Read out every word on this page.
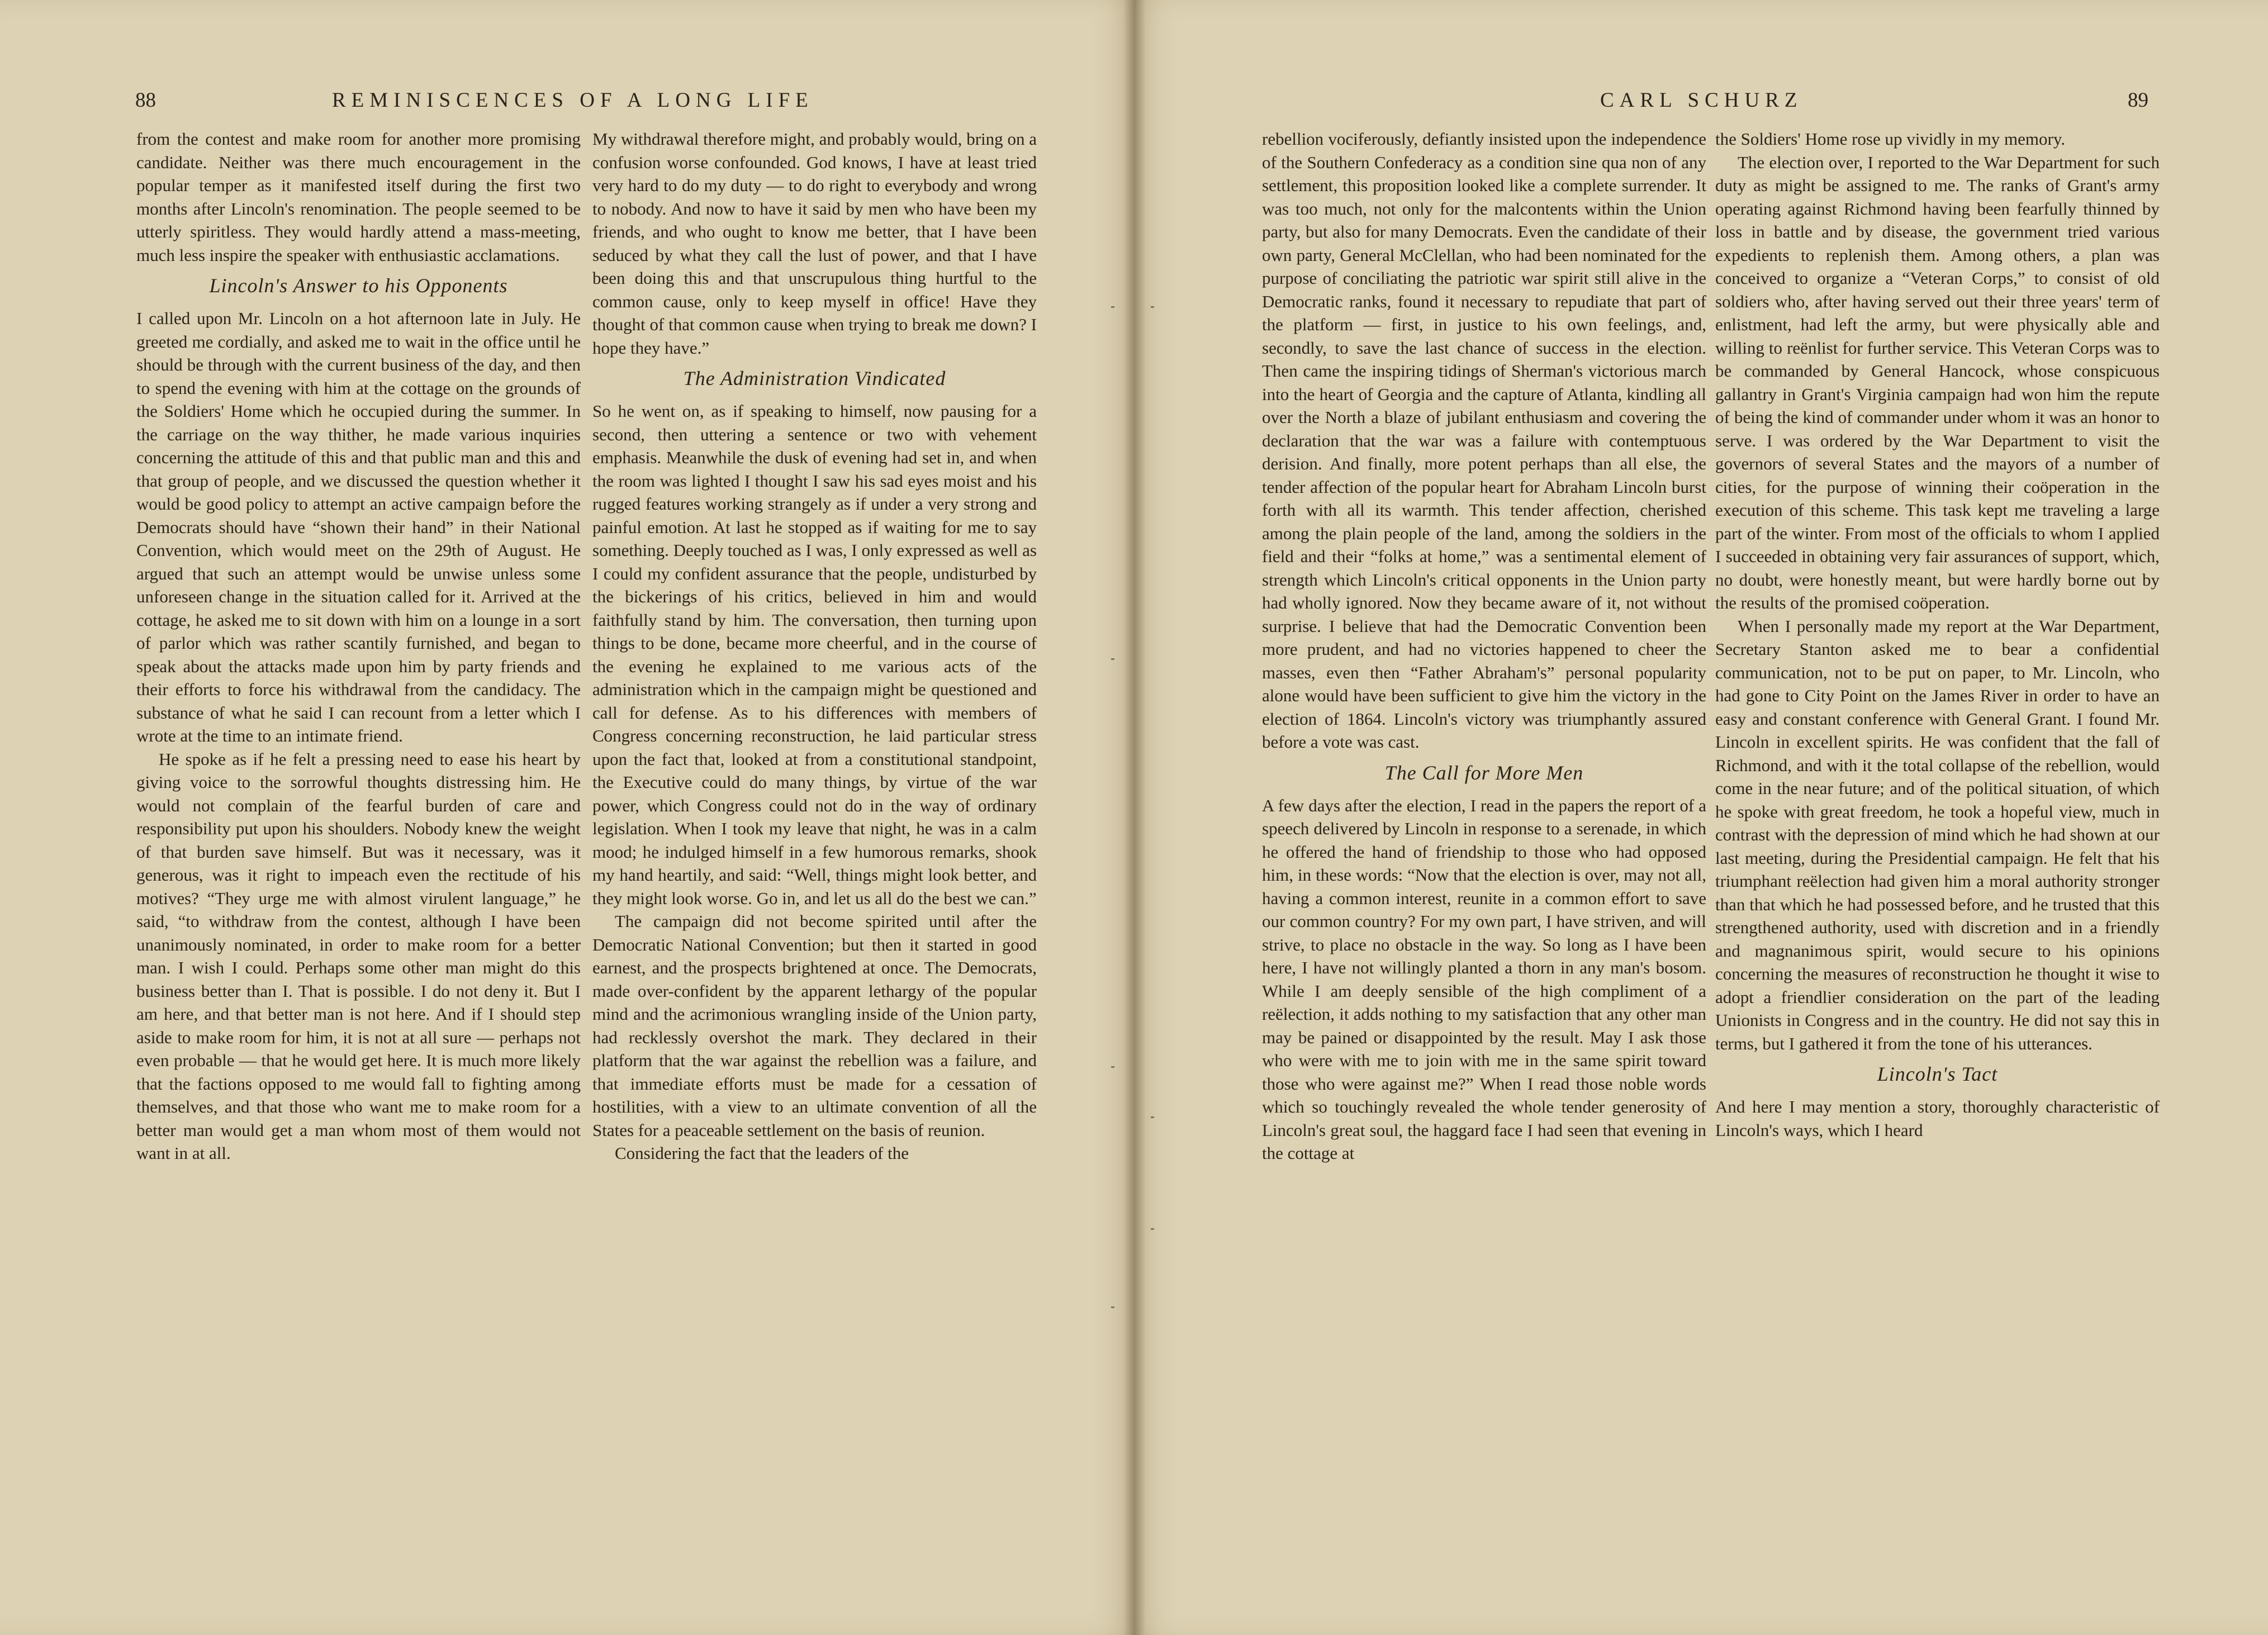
88	REMINISCENCES OF A LONG LIFE

from the contest and make room for another more promising candidate. Neither was there much encouragement in the popular temper as it manifested itself during the first two months after Lincoln's renomination. The people seemed to be utterly spiritless. They would hardly attend a mass-meeting, much less inspire the speaker with enthusiastic acclamations.

Lincoln's Answer to his Opponents

I called upon Mr. Lincoln on a hot afternoon late in July. He greeted me cordially, and asked me to wait in the office until he should be through with the current business of the day, and then to spend the evening with him at the cottage on the grounds of the Soldiers' Home which he occupied during the summer. In the carriage on the way thither, he made various inquiries concerning the attitude of this and that public man and this and that group of people, and we discussed the question whether it would be good policy to attempt an active campaign before the Democrats should have “shown their hand” in their National Convention, which would meet on the 29th of August. He argued that such an attempt would be unwise unless some unforeseen change in the situation called for it. Arrived at the cottage, he asked me to sit down with him on a lounge in a sort of parlor which was rather scantily furnished, and began to speak about the attacks made upon him by party friends and their efforts to force his withdrawal from the candidacy. The substance of what he said I can recount from a letter which I wrote at the time to an intimate friend.

He spoke as if he felt a pressing need to ease his heart by giving voice to the sorrowful thoughts distressing him. He would not complain of the fearful burden of care and responsibility put upon his shoulders. Nobody knew the weight of that burden save himself. But was it necessary, was it generous, was it right to impeach even the rectitude of his motives? “They urge me with almost virulent language,” he said, “to withdraw from the contest, although I have been unanimously nominated, in order to make room for a better man. I wish I could. Perhaps some other man might do this business better than I. That is possible. I do not deny it. But I am here, and that better man is not here. And if I should step aside to make room for him, it is not at all sure — perhaps not even probable — that he would get here. It is much more likely that the factions opposed to me would fall to fighting among themselves, and that those who want me to make room for a better man would get a man whom most of them would not want in at all.

My withdrawal therefore might, and probably would, bring on a confusion worse confounded. God knows, I have at least tried very hard to do my duty — to do right to everybody and wrong to nobody. And now to have it said by men who have been my friends, and who ought to know me better, that I have been seduced by what they call the lust of power, and that I have been doing this and that unscrupulous thing hurtful to the common cause, only to keep myself in office! Have they thought of that common cause when trying to break me down? I hope they have.”

The Administration Vindicated

So he went on, as if speaking to himself, now pausing for a second, then uttering a sentence or two with vehement emphasis. Meanwhile the dusk of evening had set in, and when the room was lighted I thought I saw his sad eyes moist and his rugged features working strangely as if under a very strong and painful emotion. At last he stopped as if waiting for me to say something. Deeply touched as I was, I only expressed as well as I could my confident assurance that the people, undisturbed by the bickerings of his critics, believed in him and would faithfully stand by him. The conversation, then turning upon things to be done, became more cheerful, and in the course of the evening he explained to me various acts of the administration which in the campaign might be questioned and call for defense. As to his differences with members of Congress concerning reconstruction, he laid particular stress upon the fact that, looked at from a constitutional standpoint, the Executive could do many things, by virtue of the war power, which Congress could not do in the way of ordinary legislation. When I took my leave that night, he was in a calm mood; he indulged himself in a few humorous remarks, shook my hand heartily, and said: “Well, things might look better, and they might look worse. Go in, and let us all do the best we can.”

The campaign did not become spirited until after the Democratic National Convention; but then it started in good earnest, and the prospects brightened at once. The Democrats, made over-confident by the apparent lethargy of the popular mind and the acrimonious wrangling inside of the Union party, had recklessly overshot the mark. They declared in their platform that the war against the rebellion was a failure, and that immediate efforts must be made for a cessation of hostilities, with a view to an ultimate convention of all the States for a peaceable settlement on the basis of reunion.

Considering the fact that the leaders of the

CARL SCHURZ	89

rebellion vociferously, defiantly insisted upon the independence of the Southern Confederacy as a condition sine qua non of any settlement, this proposition looked like a complete surrender. It was too much, not only for the malcontents within the Union party, but also for many Democrats. Even the candidate of their own party, General McClellan, who had been nominated for the purpose of conciliating the patriotic war spirit still alive in the Democratic ranks, found it necessary to repudiate that part of the platform — first, in justice to his own feelings, and, secondly, to save the last chance of success in the election. Then came the inspiring tidings of Sherman's victorious march into the heart of Georgia and the capture of Atlanta, kindling all over the North a blaze of jubilant enthusiasm and covering the declaration that the war was a failure with contemptuous derision. And finally, more potent perhaps than all else, the tender affection of the popular heart for Abraham Lincoln burst forth with all its warmth. This tender affection, cherished among the plain people of the land, among the soldiers in the field and their “folks at home,” was a sentimental element of strength which Lincoln's critical opponents in the Union party had wholly ignored. Now they became aware of it, not without surprise. I believe that had the Democratic Convention been more prudent, and had no victories happened to cheer the masses, even then “Father Abraham's” personal popularity alone would have been sufficient to give him the victory in the election of 1864. Lincoln's victory was triumphantly assured before a vote was cast.

The Call for More Men

A few days after the election, I read in the papers the report of a speech delivered by Lincoln in response to a serenade, in which he offered the hand of friendship to those who had opposed him, in these words: “Now that the election is over, may not all, having a common interest, reunite in a common effort to save our common country? For my own part, I have striven, and will strive, to place no obstacle in the way. So long as I have been here, I have not willingly planted a thorn in any man's bosom. While I am deeply sensible of the high compliment of a reëlection, it adds nothing to my satisfaction that any other man may be pained or disappointed by the result. May I ask those who were with me to join with me in the same spirit toward those who were against me?” When I read those noble words which so touchingly revealed the whole tender generosity of Lincoln's great soul, the haggard face I had seen that evening in the cottage at

the Soldiers' Home rose up vividly in my memory.

The election over, I reported to the War Department for such duty as might be assigned to me. The ranks of Grant's army operating against Richmond having been fearfully thinned by loss in battle and by disease, the government tried various expedients to replenish them. Among others, a plan was conceived to organize a “Veteran Corps,” to consist of old soldiers who, after having served out their three years' term of enlistment, had left the army, but were physically able and willing to reënlist for further service. This Veteran Corps was to be commanded by General Hancock, whose conspicuous gallantry in Grant's Virginia campaign had won him the repute of being the kind of commander under whom it was an honor to serve. I was ordered by the War Department to visit the governors of several States and the mayors of a number of cities, for the purpose of winning their coöperation in the execution of this scheme. This task kept me traveling a large part of the winter. From most of the officials to whom I applied I succeeded in obtaining very fair assurances of support, which, no doubt, were honestly meant, but were hardly borne out by the results of the promised coöperation.

When I personally made my report at the War Department, Secretary Stanton asked me to bear a confidential communication, not to be put on paper, to Mr. Lincoln, who had gone to City Point on the James River in order to have an easy and constant conference with General Grant. I found Mr. Lincoln in excellent spirits. He was confident that the fall of Richmond, and with it the total collapse of the rebellion, would come in the near future; and of the political situation, of which he spoke with great freedom, he took a hopeful view, much in contrast with the depression of mind which he had shown at our last meeting, during the Presidential campaign. He felt that his triumphant reëlection had given him a moral authority stronger than that which he had possessed before, and he trusted that this strengthened authority, used with discretion and in a friendly and magnanimous spirit, would secure to his opinions concerning the measures of reconstruction he thought it wise to adopt a friendlier consideration on the part of the leading Unionists in Congress and in the country. He did not say this in terms, but I gathered it from the tone of his utterances.

Lincoln's Tact

And here I may mention a story, thoroughly characteristic of Lincoln's ways, which I heard
